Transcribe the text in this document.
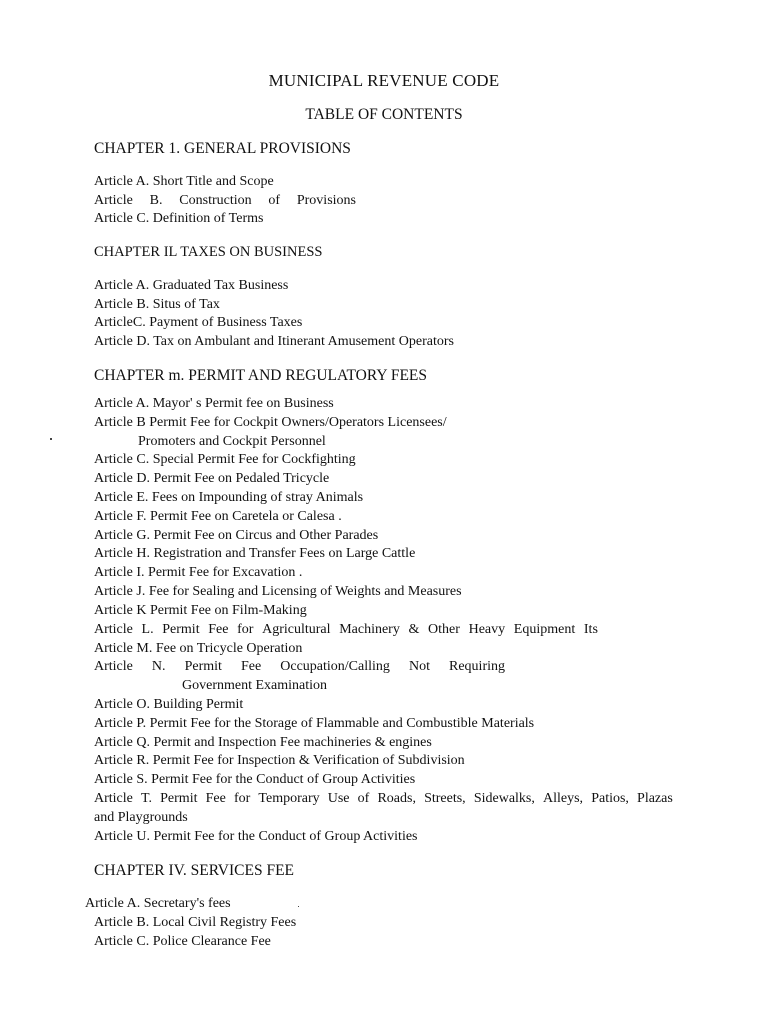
MUNICIPAL REVENUE CODE
TABLE OF CONTENTS
CHAPTER 1. GENERAL PROVISIONS
Article A. Short Title and Scope
Article B. Construction of Provisions
Article C. Definition of Terms
CHAPTER IL TAXES ON BUSINESS
Article A. Graduated Tax Business
Article B. Situs of Tax
ArticleC. Payment of Business Taxes
Article D. Tax on Ambulant and Itinerant Amusement Operators
CHAPTER m. PERMIT AND REGULATORY FEES
Article A. Mayor' s Permit fee on Business
Article B Permit Fee for Cockpit Owners/Operators Licensees/
Promoters and Cockpit Personnel
Article C. Special Permit Fee for Cockfighting
Article D. Permit Fee on Pedaled Tricycle
Article E. Fees on Impounding of stray Animals
Article F. Permit Fee on Caretela or Calesa .
Article G. Permit Fee on Circus and Other Parades
Article H. Registration and Transfer Fees on Large Cattle
Article I. Permit Fee for Excavation .
Article J. Fee for Sealing and Licensing of Weights and Measures
Article K Permit Fee on Film-Making
Article L. Permit Fee for Agricultural Machinery & Other Heavy Equipment Its
Article M. Fee on Tricycle Operation
Article N. Permit Fee Occupation/Calling Not Requiring
Government Examination
Article O. Building Permit
Article P. Permit Fee for the Storage of Flammable and Combustible Materials
Article Q. Permit and Inspection Fee machineries & engines
Article R. Permit Fee for Inspection & Verification of Subdivision
Article S. Permit Fee for the Conduct of Group Activities
Article T. Permit Fee for Temporary Use of Roads, Streets, Sidewalks, Alleys, Patios, Plazas
and Playgrounds
Article U. Permit Fee for the Conduct of Group Activities
CHAPTER IV. SERVICES FEE
Article A. Secretary's fees
Article B. Local Civil Registry Fees
Article C. Police Clearance Fee
